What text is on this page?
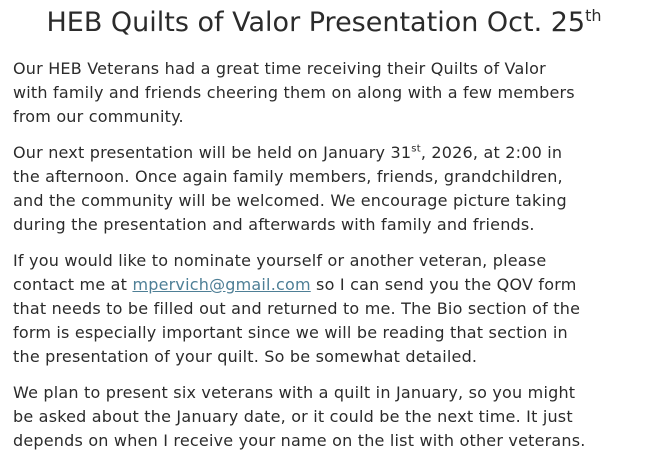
HEB Quilts of Valor Presentation Oct. 25th

Our HEB Veterans had a great time receiving their Quilts of Valor
with family and friends cheering them on along with a few members
from our community.

Our next presentation will be held on January 31st, 2026, at 2:00 in
the afternoon. Once again family members, friends, grandchildren,
and the community will be welcomed. We encourage picture taking
during the presentation and afterwards with family and friends.

If you would like to nominate yourself or another veteran, please
contact me at mpervich@gmail.com so I can send you the QOV form
that needs to be filled out and returned to me. The Bio section of the
form is especially important since we will be reading that section in
the presentation of your quilt. So be somewhat detailed.

We plan to present six veterans with a quilt in January, so you might
be asked about the January date, or it could be the next time. It just
depends on when I receive your name on the list with other veterans.
